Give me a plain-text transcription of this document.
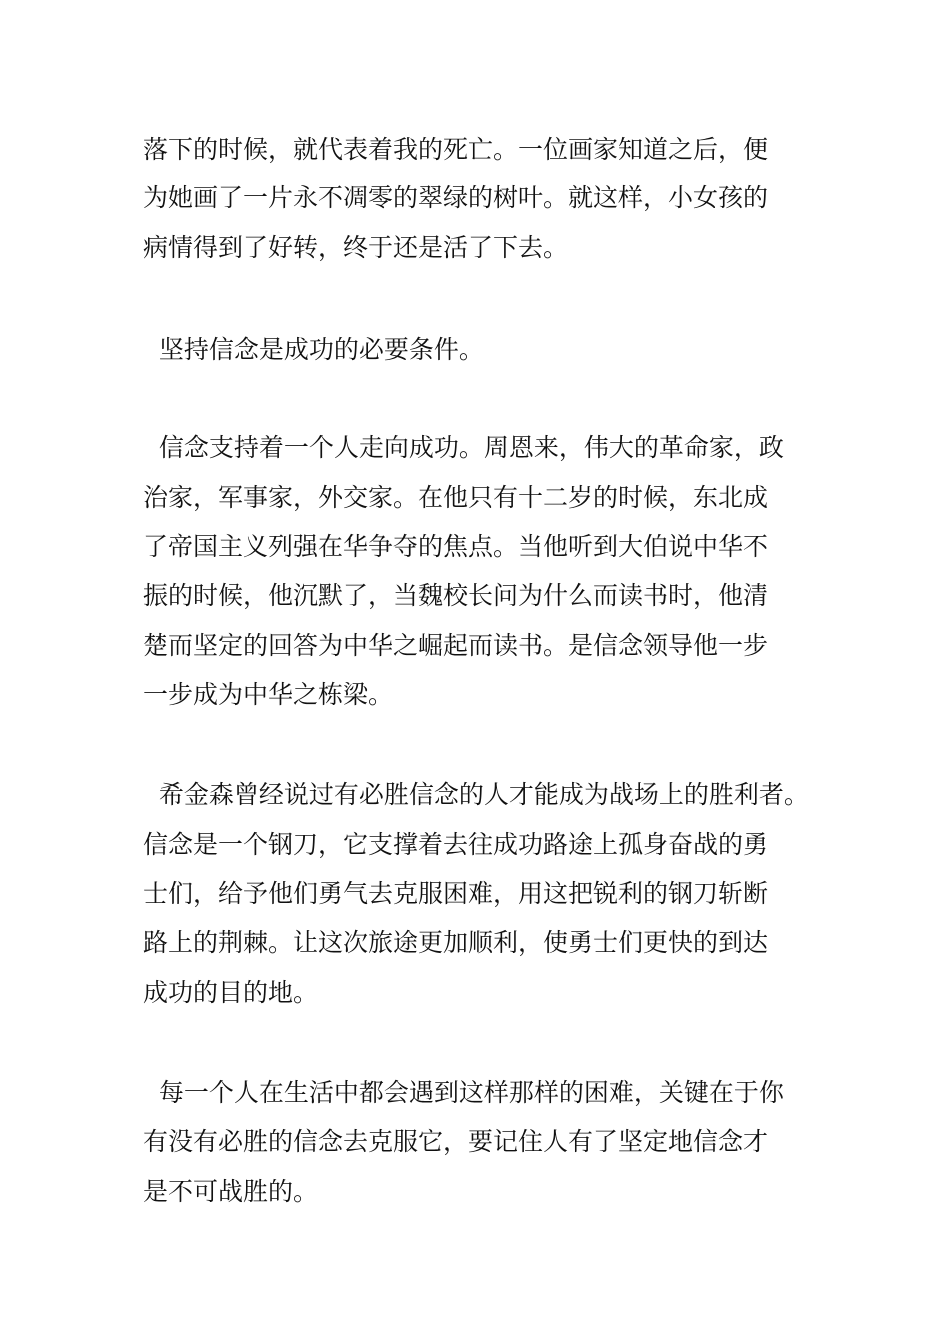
落下的时候，就代表着我的死亡。一位画家知道之后，便

为她画了一片永不凋零的翠绿的树叶。就这样，小女孩的

病情得到了好转，终于还是活了下去。

坚持信念是成功的必要条件。

信念支持着一个人走向成功。周恩来，伟大的革命家，政

治家，军事家，外交家。在他只有十二岁的时候，东北成

了帝国主义列强在华争夺的焦点。当他听到大伯说中华不

振的时候，他沉默了，当魏校长问为什么而读书时，他清

楚而坚定的回答为中华之崛起而读书。是信念领导他一步

一步成为中华之栋梁。

希金森曾经说过有必胜信念的人才能成为战场上的胜利者。

信念是一个钢刀，它支撑着去往成功路途上孤身奋战的勇

士们，给予他们勇气去克服困难，用这把锐利的钢刀斩断

路上的荆棘。让这次旅途更加顺利，使勇士们更快的到达

成功的目的地。

每一个人在生活中都会遇到这样那样的困难，关键在于你

有没有必胜的信念去克服它，要记住人有了坚定地信念才

是不可战胜的。
